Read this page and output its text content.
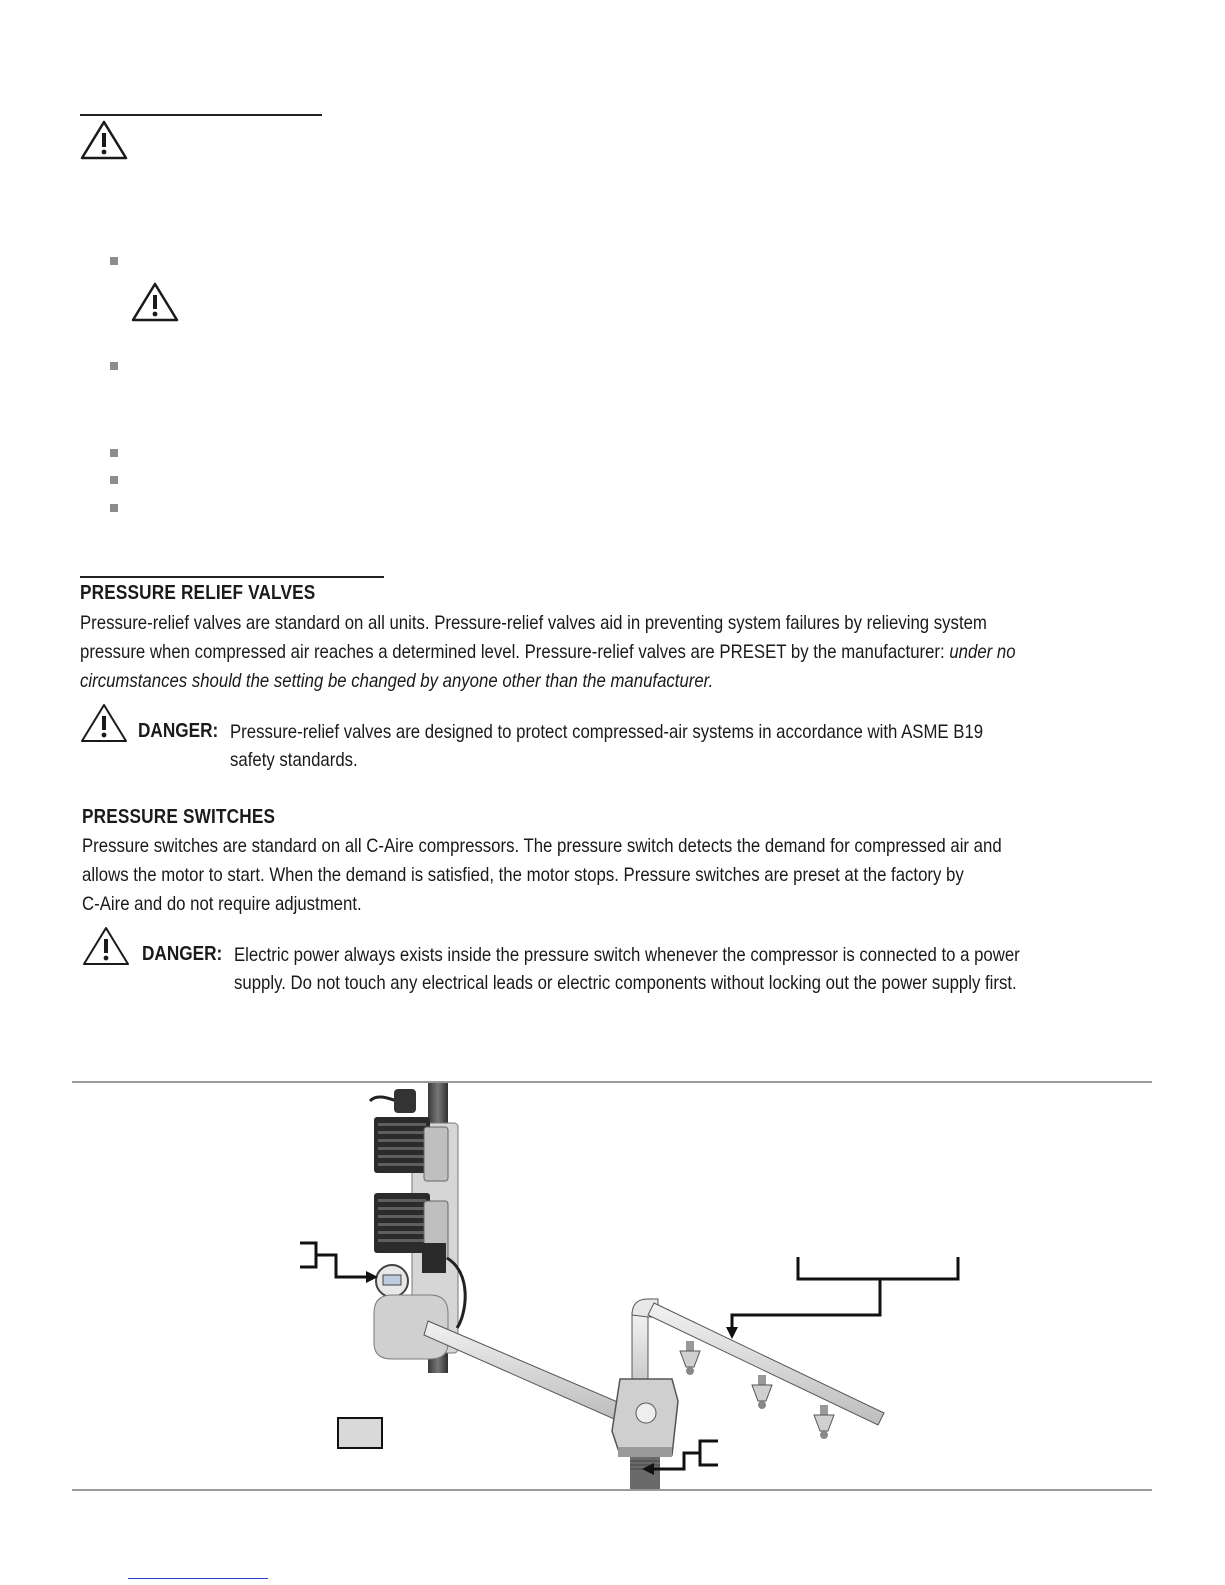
PRESSURE RELIEF VALVES
Pressure-relief valves are standard on all units. Pressure-relief valves aid in preventing system failures by relieving system
pressure when compressed air reaches a determined level. Pressure-relief valves are PRESET by the manufacturer: under no
circumstances should the setting be changed by anyone other than the manufacturer.
DANGER: Pressure-relief valves are designed to protect compressed-air systems in accordance with ASME B19
safety standards.
PRESSURE SWITCHES
Pressure switches are standard on all C-Aire compressors. The pressure switch detects the demand for compressed air and
allows the motor to start. When the demand is satisfied, the motor stops. Pressure switches are preset at the factory by
C-Aire and do not require adjustment.
DANGER: Electric power always exists inside the pressure switch whenever the compressor is connected to a power
supply. Do not touch any electrical leads or electric components without locking out the power supply first.
